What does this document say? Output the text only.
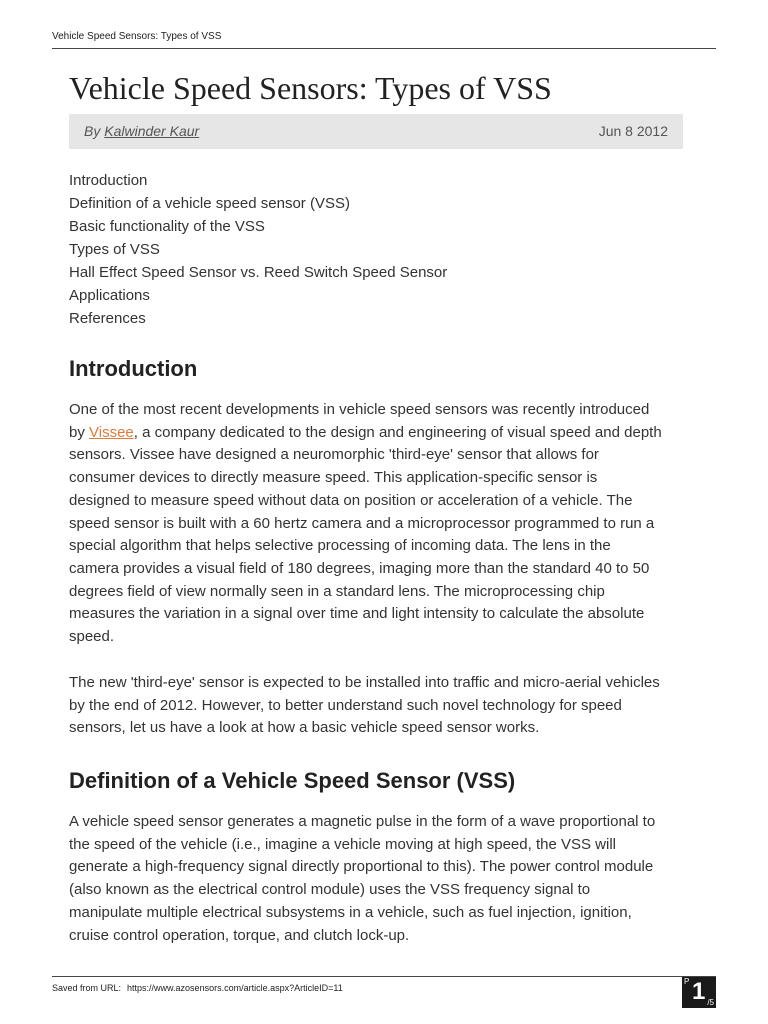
Vehicle Speed Sensors: Types of VSS
Vehicle Speed Sensors: Types of VSS
By Kalwinder Kaur	Jun 8 2012
Introduction
Definition of a vehicle speed sensor (VSS)
Basic functionality of the VSS
Types of VSS
Hall Effect Speed Sensor vs. Reed Switch Speed Sensor
Applications
References
Introduction

One of the most recent developments in vehicle speed sensors was recently introduced
by Vissee, a company dedicated to the design and engineering of visual speed and depth
sensors. Vissee have designed a neuromorphic 'third-eye' sensor that allows for
consumer devices to directly measure speed. This application-specific sensor is
designed to measure speed without data on position or acceleration of a vehicle. The
speed sensor is built with a 60 hertz camera and a microprocessor programmed to run a
special algorithm that helps selective processing of incoming data. The lens in the
camera provides a visual field of 180 degrees, imaging more than the standard 40 to 50
degrees field of view normally seen in a standard lens. The microprocessing chip
measures the variation in a signal over time and light intensity to calculate the absolute
speed.

The new 'third-eye' sensor is expected to be installed into traffic and micro-aerial vehicles
by the end of 2012. However, to better understand such novel technology for speed
sensors, let us have a look at how a basic vehicle speed sensor works.

Definition of a Vehicle Speed Sensor (VSS)

A vehicle speed sensor generates a magnetic pulse in the form of a wave proportional to
the speed of the vehicle (i.e., imagine a vehicle moving at high speed, the VSS will
generate a high-frequency signal directly proportional to this). The power control module
(also known as the electrical control module) uses the VSS frequency signal to
manipulate multiple electrical subsystems in a vehicle, such as fuel injection, ignition,
cruise control operation, torque, and clutch lock-up.

Saved from URL: https://www.azosensors.com/article.aspx?ArticleID=11
P 1 /5
